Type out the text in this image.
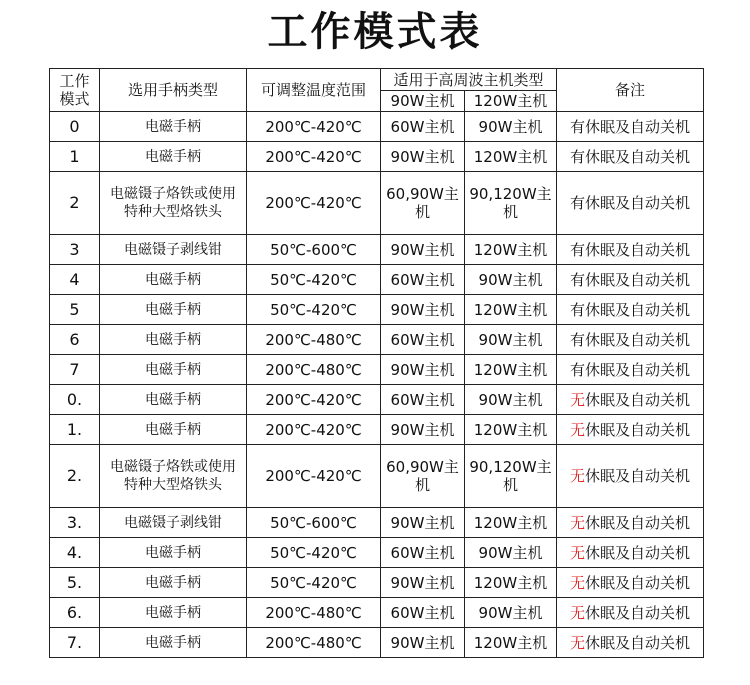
工作模式表
工作模式	选用手柄类型	可调整温度范围	适用于高周波主机类型		备注
			90W主机	120W主机	
0	电磁手柄	200℃-420℃	60W主机	90W主机	有休眠及自动关机
1	电磁手柄	200℃-420℃	90W主机	120W主机	有休眠及自动关机
2	电磁镊子烙铁或使用特种大型烙铁头	200℃-420℃	60,90W主机	90,120W主机	有休眠及自动关机
3	电磁镊子剥线钳	50℃-600℃	90W主机	120W主机	有休眠及自动关机
4	电磁手柄	50℃-420℃	60W主机	90W主机	有休眠及自动关机
5	电磁手柄	50℃-420℃	90W主机	120W主机	有休眠及自动关机
6	电磁手柄	200℃-480℃	60W主机	90W主机	有休眠及自动关机
7	电磁手柄	200℃-480℃	90W主机	120W主机	有休眠及自动关机
0.	电磁手柄	200℃-420℃	60W主机	90W主机	无休眠及自动关机
1.	电磁手柄	200℃-420℃	90W主机	120W主机	无休眠及自动关机
2.	电磁镊子烙铁或使用特种大型烙铁头	200℃-420℃	60,90W主机	90,120W主机	无休眠及自动关机
3.	电磁镊子剥线钳	50℃-600℃	90W主机	120W主机	无休眠及自动关机
4.	电磁手柄	50℃-420℃	60W主机	90W主机	无休眠及自动关机
5.	电磁手柄	50℃-420℃	90W主机	120W主机	无休眠及自动关机
6.	电磁手柄	200℃-480℃	60W主机	90W主机	无休眠及自动关机
7.	电磁手柄	200℃-480℃	90W主机	120W主机	无休眠及自动关机
